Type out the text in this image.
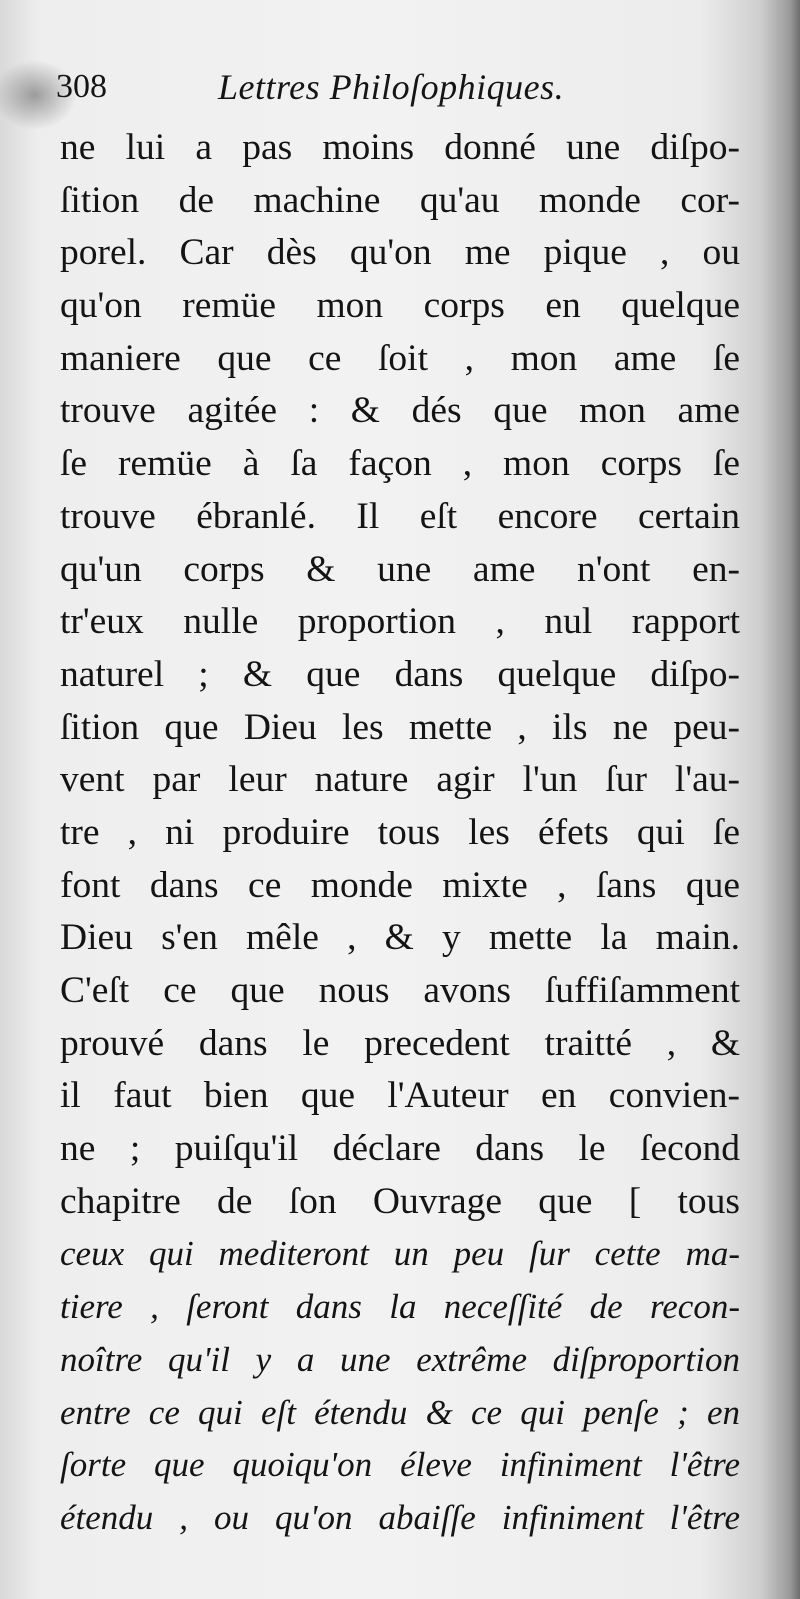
308	Lettres Philoſophiques.
ne lui a pas moins donné une diſpo-
ſition de machine qu'au monde cor-
porel. Car dès qu'on me pique , ou
qu'on remüe mon corps en quelque
maniere que ce ſoit , mon ame ſe
trouve agitée : & dés que mon ame
ſe remüe à ſa façon , mon corps ſe
trouve ébranlé. Il eſt encore certain
qu'un corps & une ame n'ont en-
tr'eux nulle proportion , nul rapport
naturel ; & que dans quelque diſpo-
ſition que Dieu les mette , ils ne peu-
vent par leur nature agir l'un ſur l'au-
tre , ni produire tous les éfets qui ſe
font dans ce monde mixte , ſans que
Dieu s'en mêle , & y mette la main.
C'eſt ce que nous avons ſuffiſamment
prouvé dans le precedent traitté , &
il faut bien que l'Auteur en convien-
ne ; puiſqu'il déclare dans le ſecond
chapitre de ſon Ouvrage que [ tous
ceux qui mediteront un peu ſur cette ma-
tiere , ſeront dans la neceſſité de recon-
noître qu'il y a une extrême diſproportion
entre ce qui eſt étendu & ce qui penſe ; en
ſorte que quoiqu'on éleve infiniment l'être
étendu , ou qu'on abaiſſe infiniment l'être
